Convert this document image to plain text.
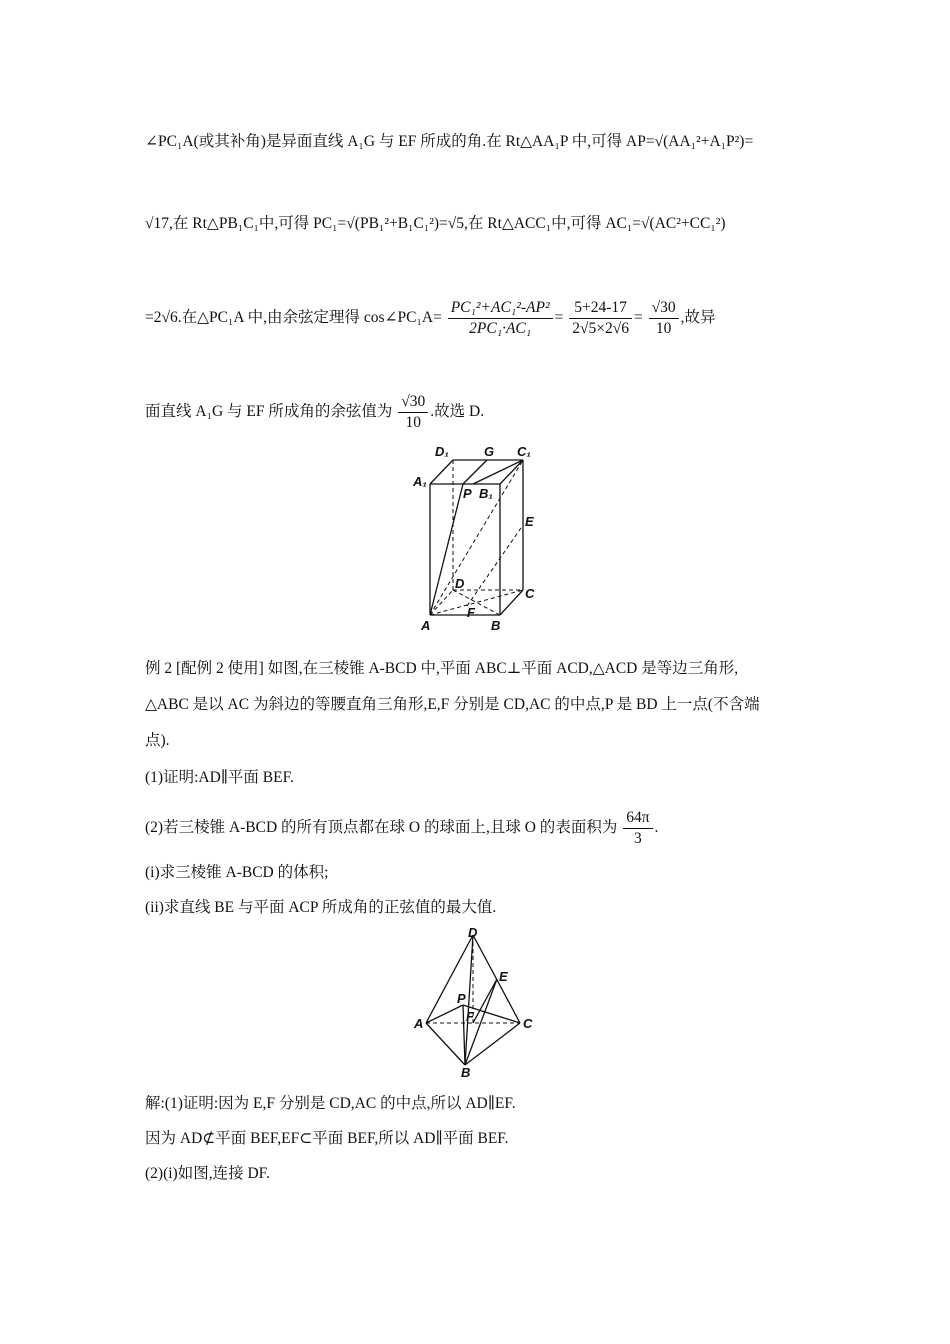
∠PC₁A(或其补角)是异面直线 A₁G 与 EF 所成的角.在 Rt△AA₁P 中,可得 AP=√(AA₁²+A₁P²)=
√17,在 Rt△PB₁C₁中,可得 PC₁=√(PB₁²+B₁C₁²)=√5,在 Rt△ACC₁中,可得 AC₁=√(AC²+CC₁²)
=2√6.在△PC₁A 中,由余弦定理得 cos∠PC₁A= $\frac{\text{PC₁²+AC₁²-AP²}}{\text{2PC₁·AC₁}} = \frac{5+24-17}{2√5\times 2√6} = \frac{√30}{10}$ ,故异
面直线 A₁G 与 EF 所成角的余弦值为 $\frac{√30}{10}$ .故选 D.
D₁	G C₁
A₁
P B₁
E
D
C
F
A	B
例 2 [配例 2 使用] 如图,在三棱锥 A-BCD 中,平面 ABC⊥平面 ACD,△ACD 是等边三角形,
△ABC 是以 AC 为斜边的等腰直角三角形,E,F 分别是 CD,AC 的中点,P 是 BD 上一点(不含端
点).
(1)证明:AD∥平面 BEF.
(2)若三棱锥 A-BCD 的所有顶点都在球 O 的球面上,且球 O 的表面积为 $\frac{64\pi}{3}$ .
(i)求三棱锥 A-BCD 的体积;
(ii)求直线 BE 与平面 ACP 所成角的正弦值的最大值.
D
E
P
A	F	C
B
解:(1)证明:因为 E,F 分别是 CD,AC 的中点,所以 AD∥EF.
因为 AD⊄平面 BEF,EF⊂平面 BEF,所以 AD∥平面 BEF.
(2)(i)如图,连接 DF.
